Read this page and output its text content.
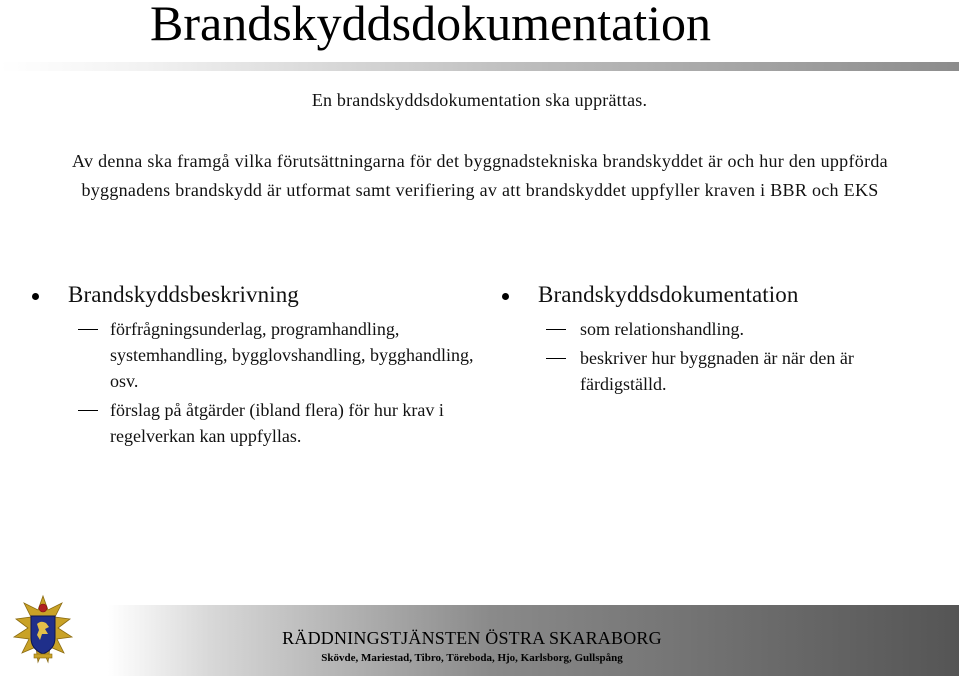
Brandskyddsdokumentation
En brandskyddsdokumentation ska upprättas.
Av denna ska framgå vilka förutsättningarna för det byggnadstekniska brandskyddet är och hur den uppförda byggnadens brandskydd är utformat samt verifiering av att brandskyddet uppfyller kraven i BBR och EKS
Brandskyddsbeskrivning
förfrågningsunderlag, programhandling, systemhandling, bygglovshandling, bygghandling, osv.
förslag på åtgärder (ibland flera) för hur krav i regelverkan kan uppfyllas.
Brandskyddsdokumentation
som relationshandling.
beskriver hur byggnaden är när den är färdigställd.
RÄDDNINGSTJÄNSTEN ÖSTRA SKARABORG
Skövde, Mariestad, Tibro, Töreboda, Hjo, Karlsborg, Gullspång
